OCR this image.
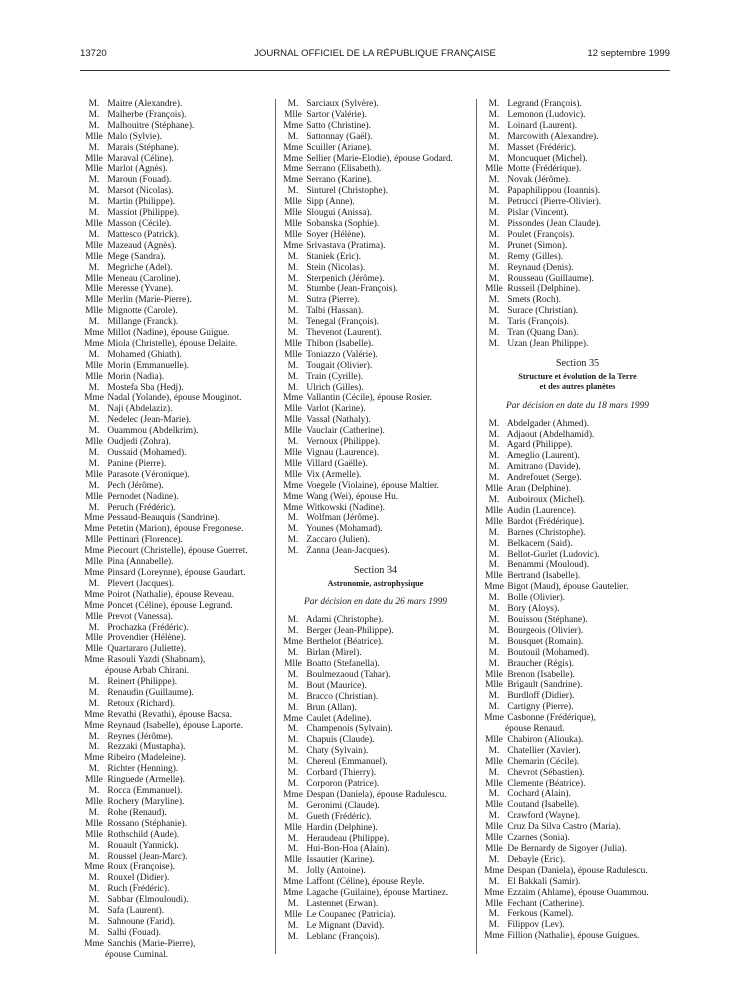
13720	JOURNAL OFFICIEL DE LA RÉPUBLIQUE FRANÇAISE	12 septembre 1999
M. Maitre (Alexandre).
M. Malherbe (François).
M. Malhouitre (Stéphane).
Mlle Malo (Sylvie).
M. Marais (Stéphane).
Mlle Maraval (Céline).
Mlle Marlot (Agnès).
M. Maroun (Fouad).
M. Marsot (Nicolas).
M. Martin (Philippe).
M. Massiot (Philippe).
Mlle Masson (Cécile).
M. Mattesco (Patrick).
Mlle Mazeaud (Agnès).
Mlle Mege (Sandra).
M. Megriche (Adel).
Mlle Meneau (Caroline).
Mlle Meresse (Yvane).
Mlle Merlin (Marie-Pierre).
Mlle Mignotte (Carole).
M. Millange (Franck).
Mme Millot (Nadine), épouse Guigue.
Mme Miola (Christelle), épouse Delaite.
M. Mohamed (Ghiath).
Mlle Morin (Emmanuelle).
Mlle Morin (Nadia).
M. Mostefa Sba (Hedj).
Mme Nadal (Yolande), épouse Mouginot.
M. Naji (Abdelaziz).
M. Nedelec (Jean-Marie).
M. Ouammou (Abdelkrim).
Mlle Oudjedi (Zohra).
M. Oussaid (Mohamed).
M. Panine (Pierre).
Mlle Parasote (Véronique).
M. Pech (Jérôme).
Mlle Pernodet (Nadine).
M. Peruch (Frédéric).
Mme Pessaud-Beauquis (Sandrine).
Mme Petetin (Marion), épouse Fregonese.
Mlle Pettinari (Florence).
Mme Piecourt (Christelle), épouse Guerret.
Mlle Pina (Annabelle).
Mme Pinsard (Loreynne), épouse Gaudart.
M. Plevert (Jacques).
Mme Poirot (Nathalie), épouse Reveau.
Mme Poncet (Céline), épouse Legrand.
Mlle Prevot (Vanessa).
M. Prochazka (Frédéric).
Mlle Provendier (Hélène).
Mlle Quartararo (Juliette).
Mme Rasouli Yazdi (Shabnam),
épouse Arbab Chirani.
M. Reinert (Philippe).
M. Renaudin (Guillaume).
M. Retoux (Richard).
Mme Revathi (Revathi), épouse Bacsa.
Mme Reynaud (Isabelle), épouse Laporte.
M. Reynes (Jérôme).
M. Rezzaki (Mustapha).
Mme Ribeiro (Madeleine).
M. Richter (Henning).
Mlle Ringuede (Armelle).
M. Rocca (Emmanuel).
Mlle Rochery (Maryline).
M. Rohe (Renaud).
Mlle Rossano (Stéphanie).
Mlle Rothschild (Aude).
M. Rouault (Yannick).
M. Roussel (Jean-Marc).
Mme Roux (Françoise).
M. Rouxel (Didier).
M. Ruch (Frédéric).
M. Sabbar (Elmouloudi).
M. Safa (Laurent).
M. Sahnoune (Farid).
M. Salhi (Fouad).
Mme Sanchis (Marie-Pierre),
épouse Cuminal.
M. Sarciaux (Sylvère).
Mlle Sartor (Valérie).
Mme Satto (Christine).
M. Sattonnay (Gaël).
Mme Scuiller (Ariane).
Mme Sellier (Marie-Elodie), épouse Godard.
Mme Serrano (Elisabeth).
Mme Serrano (Karine).
M. Sinturel (Christophe).
Mlle Sipp (Anne).
Mlle Slougui (Anissa).
Mlle Sobanska (Sophie).
Mlle Soyer (Hélène).
Mme Srivastava (Pratima).
M. Staniek (Eric).
M. Stein (Nicolas).
M. Sterpenich (Jérôme).
M. Stumbe (Jean-François).
M. Sutra (Pierre).
M. Talbi (Hassan).
M. Tenegal (François).
M. Thevenot (Laurent).
Mlle Thibon (Isabelle).
Mlle Toniazzo (Valérie).
M. Tougait (Olivier).
M. Train (Cyrille).
M. Ulrich (Gilles).
Mme Vallantin (Cécile), épouse Rosier.
Mlle Varlot (Karine).
Mlle Vassal (Nathaly).
Mlle Vauclair (Catherine).
M. Vernoux (Philippe).
Mlle Vignau (Laurence).
Mlle Villard (Gaëlle).
Mlle Vix (Armelle).
Mme Voegele (Violaine), épouse Maltier.
Mme Wang (Wei), épouse Hu.
Mme Witkowski (Nadine).
M. Wolfman (Jérôme).
M. Younes (Mohamad).
M. Zaccaro (Julien).
M. Zanna (Jean-Jacques).
Section 34
Astronomie, astrophysique
Par décision en date du 26 mars 1999
M. Adami (Christophe).
M. Berger (Jean-Philippe).
Mme Berthelot (Béatrice).
M. Birlan (Mirel).
Mlle Boatto (Stefanella).
M. Boulmezaoud (Tahar).
M. Bout (Maurice).
M. Bracco (Christian).
M. Brun (Allan).
Mme Caulet (Adeline).
M. Champenois (Sylvain).
M. Chapuis (Claude).
M. Chaty (Sylvain).
M. Chereul (Emmanuel).
M. Corbard (Thierry).
M. Corporon (Patrice).
Mme Despan (Daniela), épouse Radulescu.
M. Geronimi (Claude).
M. Gueth (Frédéric).
Mlle Hardin (Delphine).
M. Heraudeau (Philippe).
M. Hui-Bon-Hoa (Alain).
Mlle Issautier (Karine).
M. Jolly (Antoine).
Mme Laffont (Céline), épouse Reyle.
Mme Lagache (Guilaine), épouse Martinez.
M. Lastennet (Erwan).
Mlle Le Coupanec (Patricia).
M. Le Mignant (David).
M. Leblanc (François).
M. Legrand (François).
M. Lemonon (Ludovic).
M. Loinard (Laurent).
M. Marcowith (Alexandre).
M. Masset (Frédéric).
M. Moncuquet (Michel).
Mlle Motte (Frédérique).
M. Novak (Jérôme).
M. Papaphilippou (Ioannis).
M. Petrucci (Pierre-Olivier).
M. Pislar (Vincent).
M. Pissondes (Jean Claude).
M. Poulet (François).
M. Prunet (Simon).
M. Remy (Gilles).
M. Reynaud (Denis).
M. Rousseau (Guillaume).
Mlle Russeil (Delphine).
M. Smets (Roch).
M. Surace (Christian).
M. Taris (François).
M. Tran (Quang Dan).
M. Uzan (Jean Philippe).
Section 35
Structure et évolution de la Terre
et des autres planètes
Par décision en date du 18 mars 1999
M. Abdelgader (Ahmed).
M. Adjaout (Abdelhamid).
M. Agard (Philippe).
M. Ameglio (Laurent).
M. Amitrano (Davide).
M. Andrefouet (Serge).
Mlle Aran (Delphine).
M. Auboiroux (Michel).
Mlle Audin (Laurence).
Mlle Bardot (Frédérique).
M. Barnes (Christophe).
M. Belkacem (Said).
M. Bellot-Gurlet (Ludovic).
M. Benammi (Mouloud).
Mlle Bertrand (Isabelle).
Mme Bigot (Maud), épouse Gautelier.
M. Bolle (Olivier).
M. Bory (Aloys).
M. Bouissou (Stéphane).
M. Bourgeois (Olivier).
M. Bousquet (Romain).
M. Boutouil (Mohamed).
M. Braucher (Régis).
Mlle Brenon (Isabelle).
Mlle Brigault (Sandrine).
M. Burdloff (Didier).
M. Cartigny (Pierre).
Mme Casbonne (Frédérique),
épouse Renaud.
Mlle Chabiron (Aliouka).
M. Chatellier (Xavier).
Mlle Chemarin (Cécile).
M. Chevrot (Sébastien).
Mlle Clemente (Béatrice).
M. Cochard (Alain).
Mlle Coutand (Isabelle).
M. Crawford (Wayne).
Mlle Cruz Da Silva Castro (Maria).
Mlle Czarnes (Sonia).
Mlle De Bernardy de Sigoyer (Julia).
M. Debayle (Eric).
Mme Despan (Daniela), épouse Radulescu.
M. El Bakkali (Samir).
Mme Ezzaim (Ahlame), épouse Ouammou.
Mlle Fechant (Catherine).
M. Ferkous (Kamel).
M. Filippov (Lev).
Mme Fillion (Nathalie), épouse Guigues.
